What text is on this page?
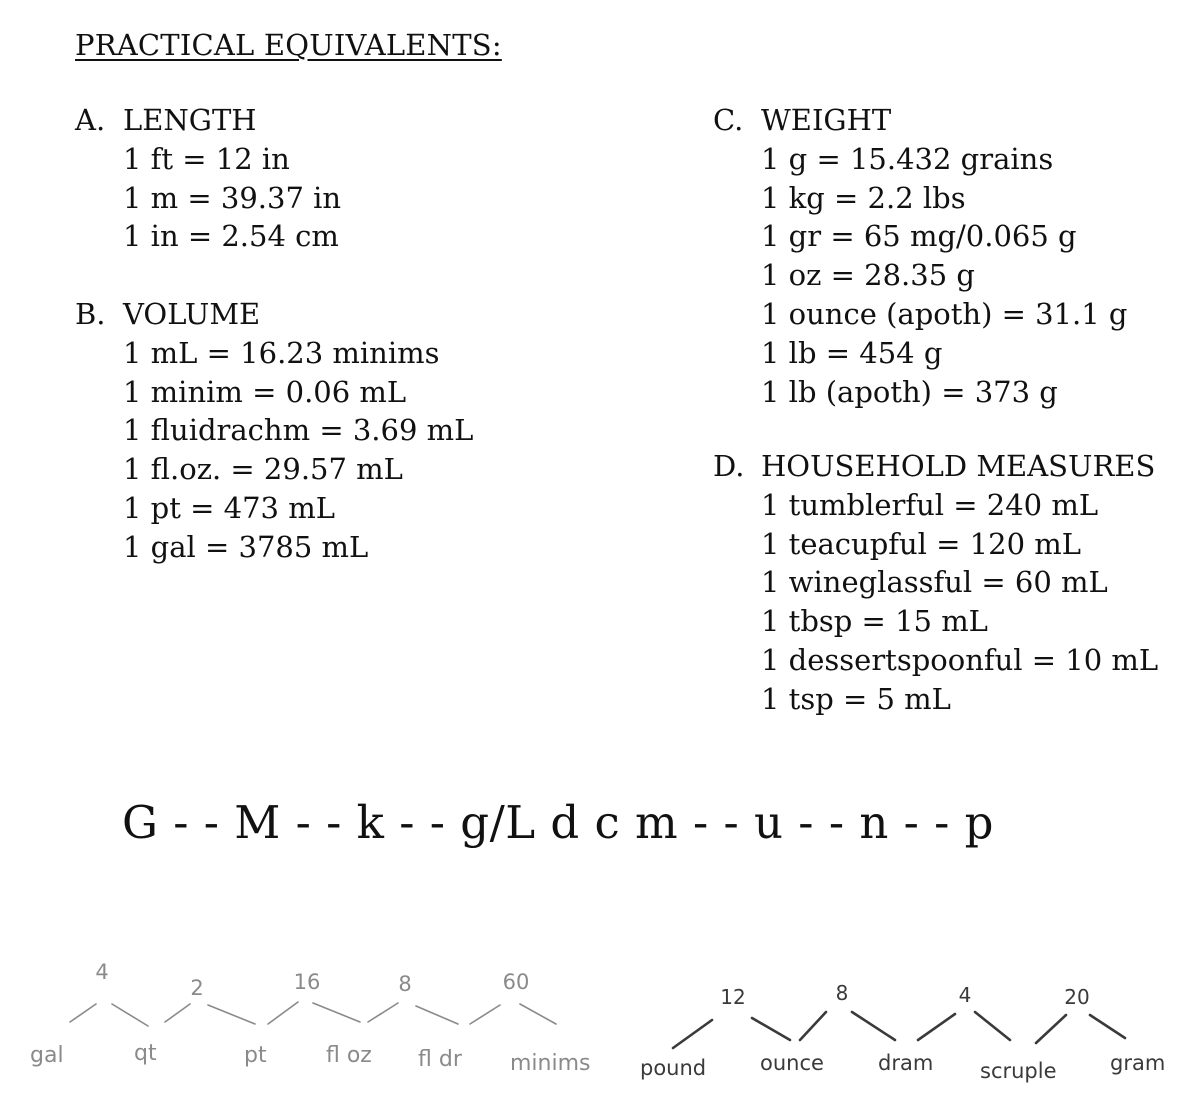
PRACTICAL EQUIVALENTS:
A. LENGTH
1 ft = 12 in
1 m = 39.37 in
1 in = 2.54 cm
B. VOLUME
1 mL = 16.23 minims
1 minim = 0.06 mL
1 fluidrachm = 3.69 mL
1 fl.oz. = 29.57 mL
1 pt = 473 mL
1 gal = 3785 mL
C. WEIGHT
1 g = 15.432 grains
1 kg = 2.2 lbs
1 gr = 65 mg/0.065 g
1 oz = 28.35 g
1 ounce (apoth) = 31.1 g
1 lb = 454 g
1 lb (apoth) = 373 g
D. HOUSEHOLD MEASURES
1 tumblerful = 240 mL
1 teacupful = 120 mL
1 wineglassful = 60 mL
1 tbsp = 15 mL
1 dessertspoonful = 10 mL
1 tsp = 5 mL
G - - M - - k - - g/L d c m - - u - - n - - p
gal	qt	pt	fl oz fl dr minims
4
2	16	8	60
pound	ounce	dram scruple	gram
12	8	4	20
